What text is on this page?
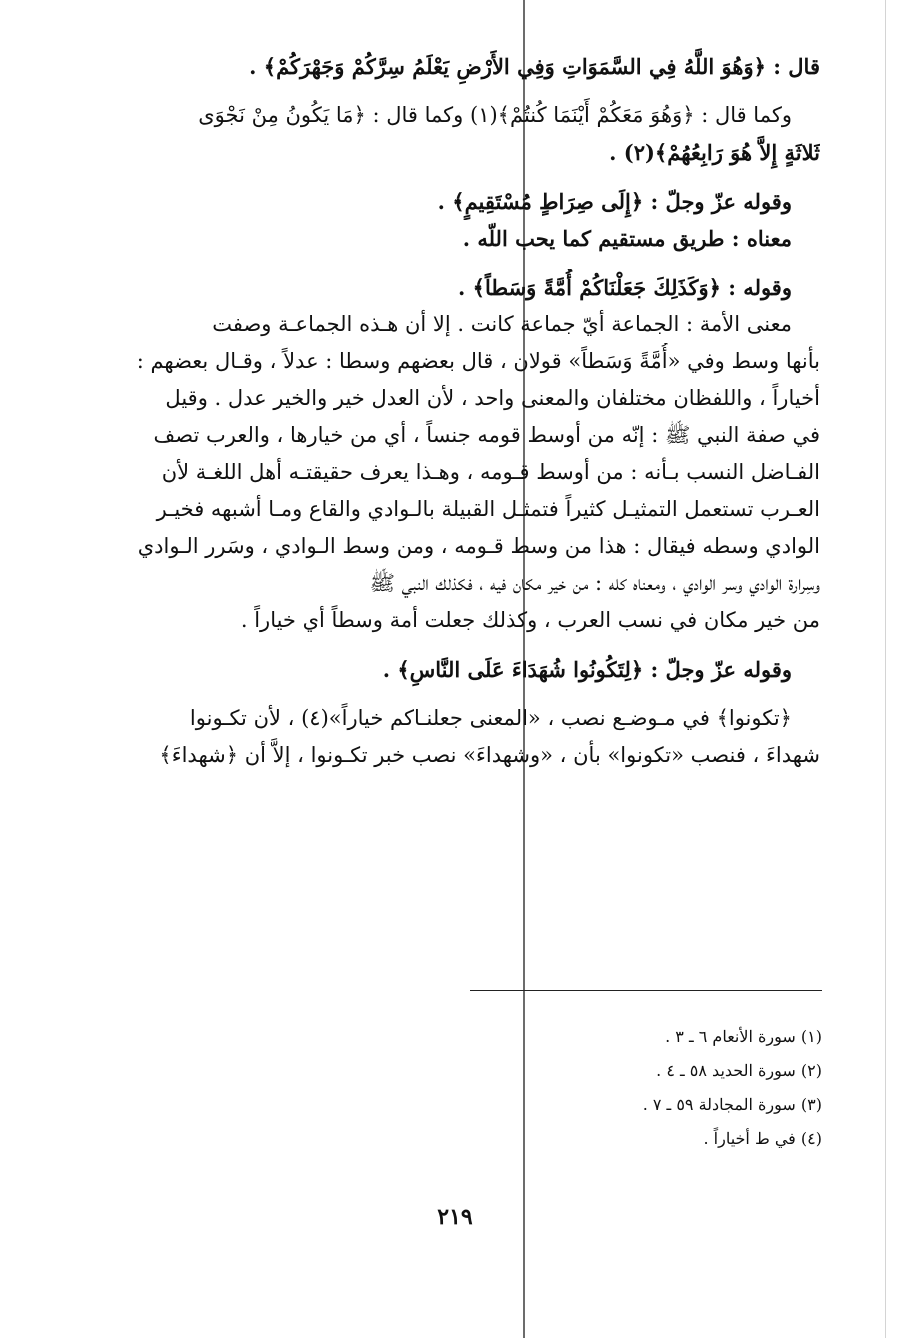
قال : ﴿وَهُوَ اللَّهُ فِي السَّمَوَاتِ وَفِي الأَرْضِ يَعْلَمُ سِرَّكُمْ وَجَهْرَكُمْ﴾ .
وكما قال : ﴿وَهُوَ مَعَكُمْ أَيْنَمَا كُنتُمْ﴾(١) وكما قال : ﴿مَا يَكُونُ مِنْ نَجْوَى
ثَلاثَةٍ إِلاَّ هُوَ رَابِعُهُمْ﴾(٢) .
وقوله عزّ وجلّ : ﴿إِلَى صِرَاطٍ مُسْتَقِيمٍ﴾ .
معناه : طريق مستقيم كما يحب اللّه .
وقوله : ﴿وَكَذَلِكَ جَعَلْنَاكُمْ أُمَّةً وَسَطاً﴾ .
معنى الأمة : الجماعة أيّ جماعة كانت . إلا أن هـذه الجماعـة وصفت
بأنها وسط وفي «أُمَّةً وَسَطاً» قولان ، قال بعضهم وسطا : عدلاً ، وقـال بعضهم :
أخياراً ، واللفظان مختلفان والمعنى واحد ، لأن العدل خير والخير عدل . وقيل
في صفة النبي ﷺ : إنّه من أوسط قومه جنساً ، أي من خيارها ، والعرب تصف
الفـاضل النسب بـأنه : من أوسط قـومه ، وهـذا يعرف حقيقتـه أهل اللغـة لأن
العـرب تستعمل التمثيـل كثيراً فتمثـل القبيلة بالـوادي والقاع ومـا أشبهه فخيـر
الوادي وسطه فيقال : هذا من وسط قـومه ، ومن وسط الـوادي ، وسَرر الـوادي
وسِرارة الوادي وسر الوادي ، ومعناه كله : من خير مكان فيه ، فكذلك النبي ﷺ
من خير مكان في نسب العرب ، وكذلك جعلت أمة وسطاً أي خياراً .
وقوله عزّ وجلّ : ﴿لِتَكُونُوا شُهَدَاءَ عَلَى النَّاسِ﴾ .
﴿تكونوا﴾ في مـوضـع نصب ، «المعنى جعلنـاكم خياراً»(٤) ، لأن تكـونوا
شهداءَ ، فنصب «تكونوا» بأن ، «وشهداءَ» نصب خبر تكـونوا ، إلاَّ أن ﴿شهداءَ﴾
(١) سورة الأنعام ٦ ـ ٣ .
(٢) سورة الحديد ٥٨ ـ ٤ .
(٣) سورة المجادلة ٥٩ ـ ٧ .
(٤) في ط أخياراً .
٢١٩
